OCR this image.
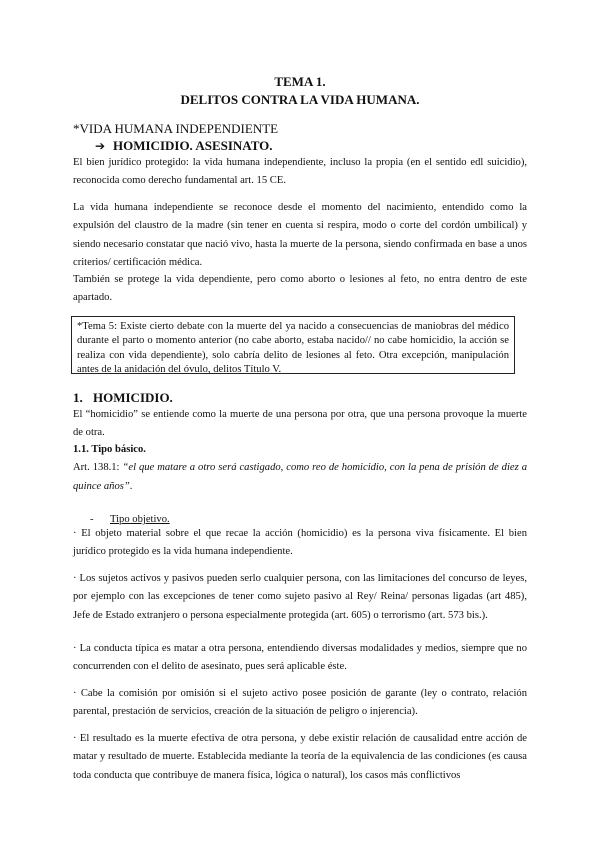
TEMA 1.
DELITOS CONTRA LA VIDA HUMANA.

*VIDA HUMANA INDEPENDIENTE

➔ HOMICIDIO. ASESINATO.

El bien jurídico protegido: la vida humana independiente, incluso la propia (en el sentido edl suicidio), reconocida como derecho fundamental art. 15 CE.

La vida humana independiente se reconoce desde el momento del nacimiento, entendido como la expulsión del claustro de la madre (sin tener en cuenta si respira, modo o corte del cordón umbilical) y siendo necesario constatar que nació vivo, hasta la muerte de la persona, siendo confirmada en base a unos criterios/ certificación médica.

También se protege la vida dependiente, pero como aborto o lesiones al feto, no entra dentro de este apartado.

*Tema 5: Existe cierto debate con la muerte del ya nacido a consecuencias de maniobras del médico durante el parto o momento anterior (no cabe aborto, estaba nacido// no cabe homicidio, la acción se realiza con vida dependiente), solo cabría delito de lesiones al feto. Otra excepción, manipulación antes de la anidación del óvulo, delitos Título V.

1. HOMICIDIO.

El “homicidio” se entiende como la muerte de una persona por otra, que una persona provoque la muerte de otra.

1.1. Tipo básico.

Art. 138.1: “el que matare a otro será castigado, como reo de homicidio, con la pena de prisión de diez a quince años”.

- Tipo objetivo.

· El objeto material sobre el que recae la acción (homicidio) es la persona viva físicamente. El bien jurídico protegido es la vida humana independiente.

· Los sujetos activos y pasivos pueden serlo cualquier persona, con las limitaciones del concurso de leyes, por ejemplo con las excepciones de tener como sujeto pasivo al Rey/ Reina/ personas ligadas (art 485), Jefe de Estado extranjero o persona especialmente protegida (art. 605) o terrorismo (art. 573 bis.).

· La conducta típica es matar a otra persona, entendiendo diversas modalidades y medios, siempre que no concurrenden con el delito de asesinato, pues será aplicable éste.

· Cabe la comisión por omisión si el sujeto activo posee posición de garante (ley o contrato, relación parental, prestación de servicios, creación de la situación de peligro o injerencia).

· El resultado es la muerte efectiva de otra persona, y debe existir relación de causalidad entre acción de matar y resultado de muerte. Establecida mediante la teoría de la equivalencia de las condiciones (es causa toda conducta que contribuye de manera física, lógica o natural), los casos más conflictivos
